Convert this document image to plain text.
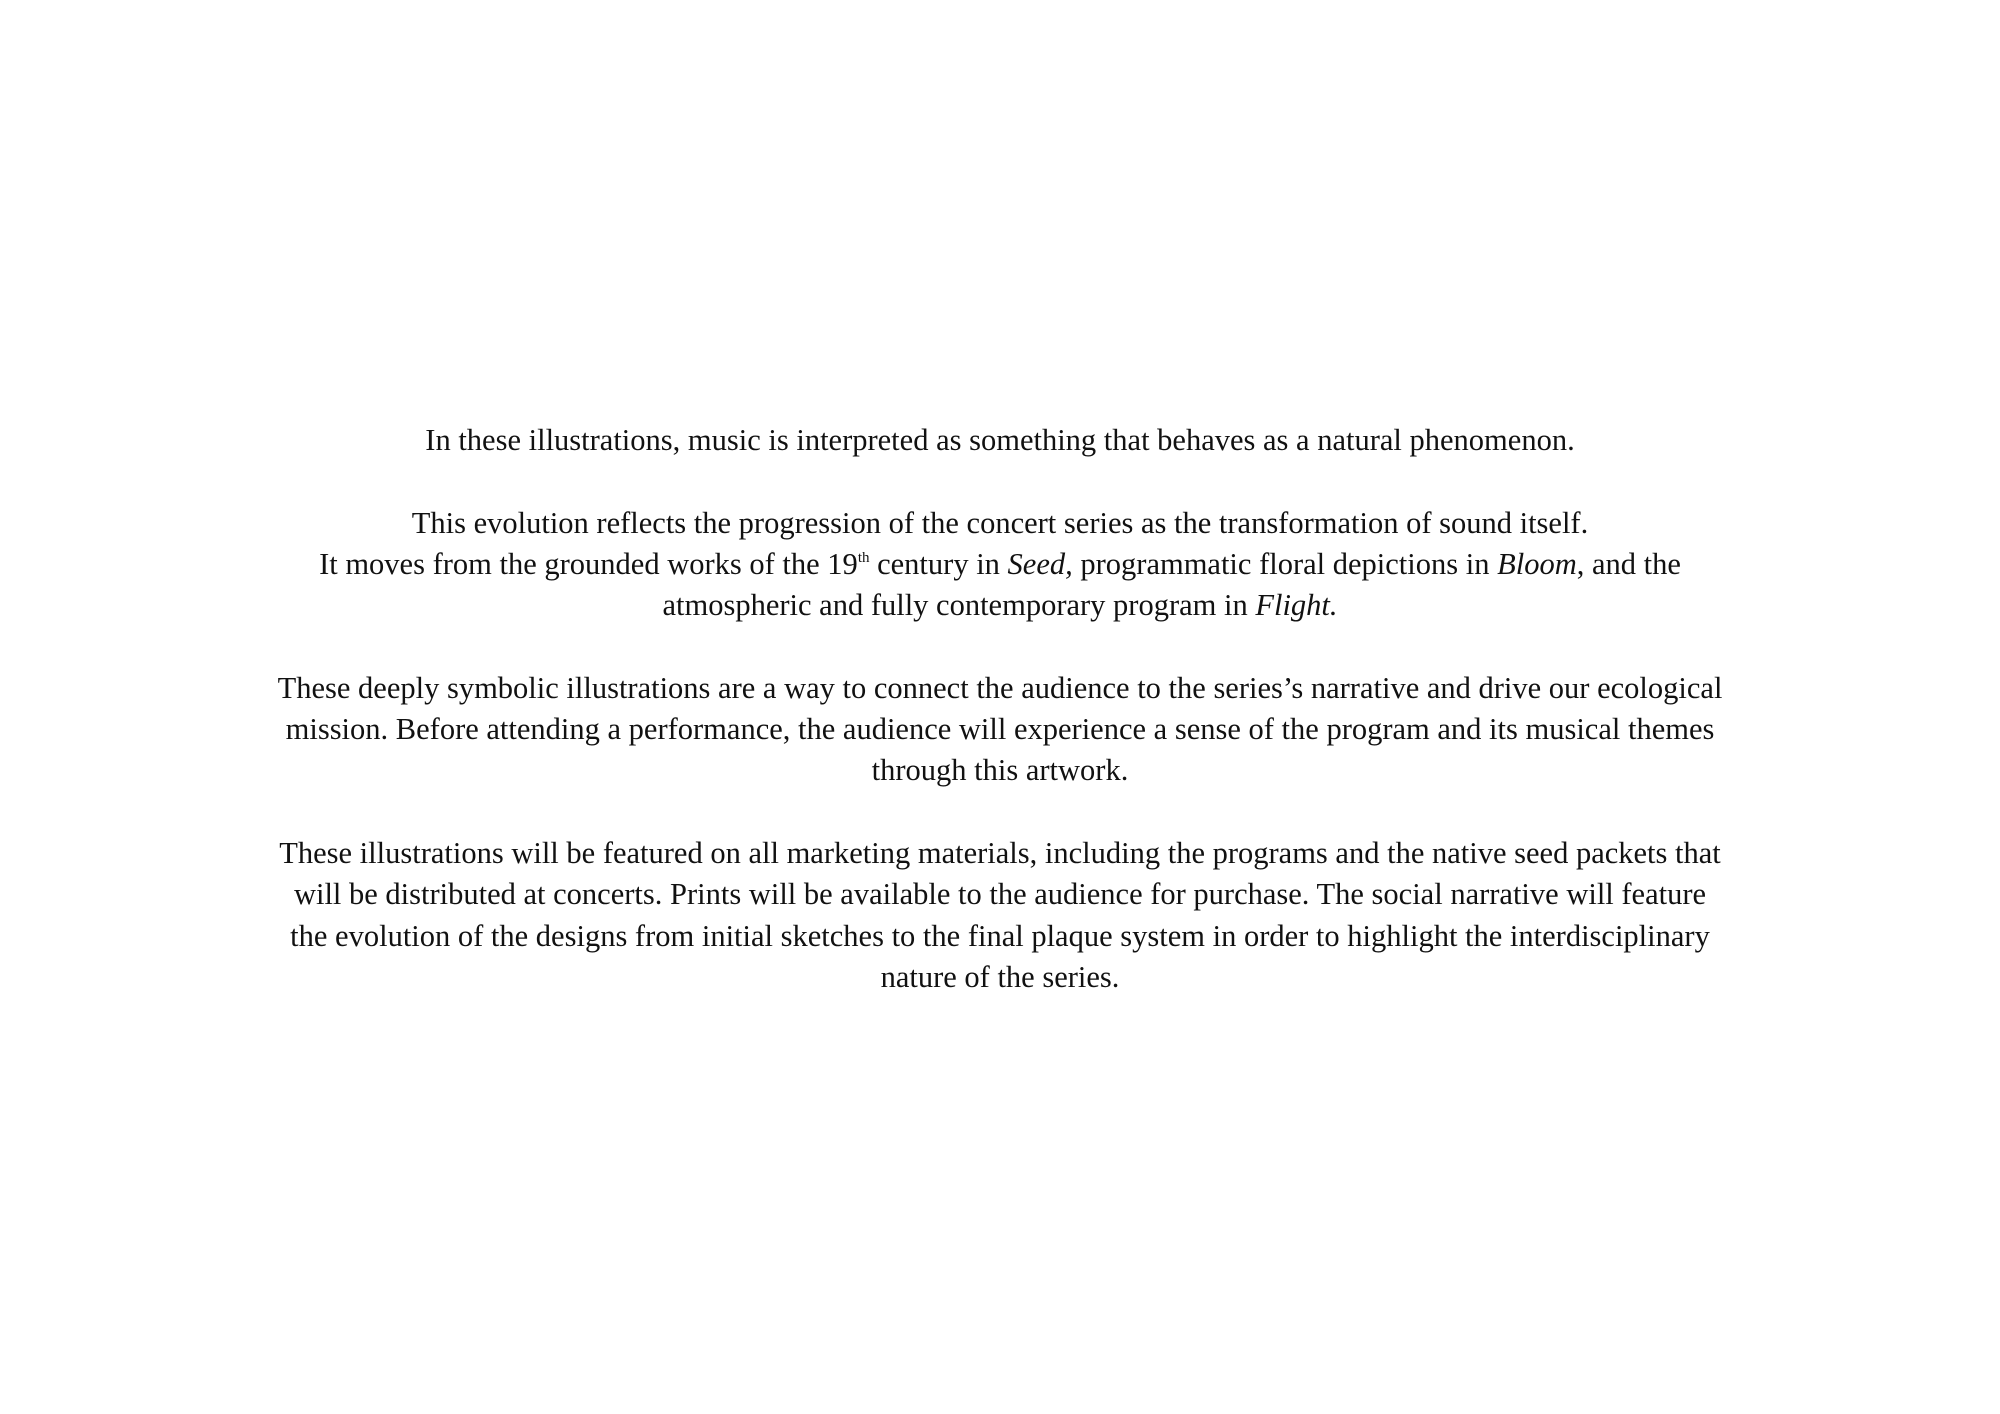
In these illustrations, music is interpreted as something that behaves as a natural phenomenon.

This evolution reflects the progression of the concert series as the transformation of sound itself.
It moves from the grounded works of the 19th century in Seed, programmatic floral depictions in Bloom, and the
atmospheric and fully contemporary program in Flight.

These deeply symbolic illustrations are a way to connect the audience to the series’s narrative and drive our ecological
mission. Before attending a performance, the audience will experience a sense of the program and its musical themes
through this artwork.

These illustrations will be featured on all marketing materials, including the programs and the native seed packets that
will be distributed at concerts. Prints will be available to the audience for purchase. The social narrative will feature
the evolution of the designs from initial sketches to the final plaque system in order to highlight the interdisciplinary
nature of the series.
